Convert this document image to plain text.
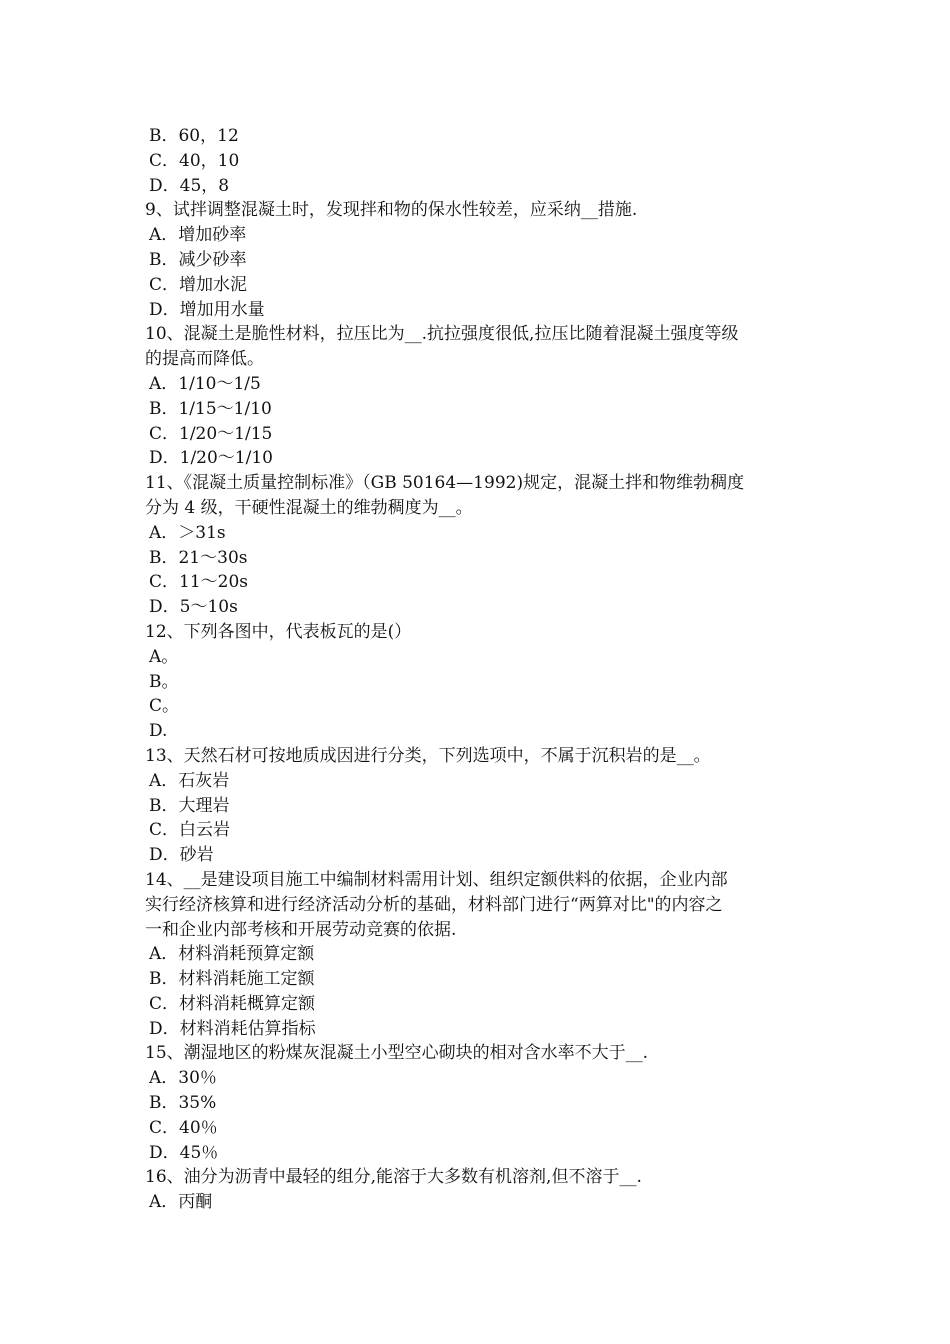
B．60，12
C．40，10
D．45，8
9、试拌调整混凝土时，发现拌和物的保水性较差，应采纳__措施.
A．增加砂率
B．减少砂率
C．增加水泥
D．增加用水量
10、混凝土是脆性材料，拉压比为__.抗拉强度很低,拉压比随着混凝土强度等级
的提高而降低。
A．1/10～1/5
B．1/15～1/10
C．1/20～1/15
D．1/20～1/10
11、《混凝土质量控制标准》（GB 50164—1992)规定，混凝土拌和物维勃稠度
分为 4 级，干硬性混凝土的维勃稠度为__。
A．＞31s
B．21～30s
C．11～20s
D．5～10s
12、下列各图中，代表板瓦的是(）
A。
B。
C。
D.
13、天然石材可按地质成因进行分类，下列选项中，不属于沉积岩的是__。
A．石灰岩
B．大理岩
C．白云岩
D．砂岩
14、__是建设项目施工中编制材料需用计划、组织定额供料的依据，企业内部
实行经济核算和进行经济活动分析的基础，材料部门进行“两算对比"的内容之
一和企业内部考核和开展劳动竞赛的依据.
A．材料消耗预算定额
B．材料消耗施工定额
C．材料消耗概算定额
D．材料消耗估算指标
15、潮湿地区的粉煤灰混凝土小型空心砌块的相对含水率不大于__.
A．30％
B．35%
C．40％
D．45％
16、油分为沥青中最轻的组分,能溶于大多数有机溶剂,但不溶于__.
A．丙酮
